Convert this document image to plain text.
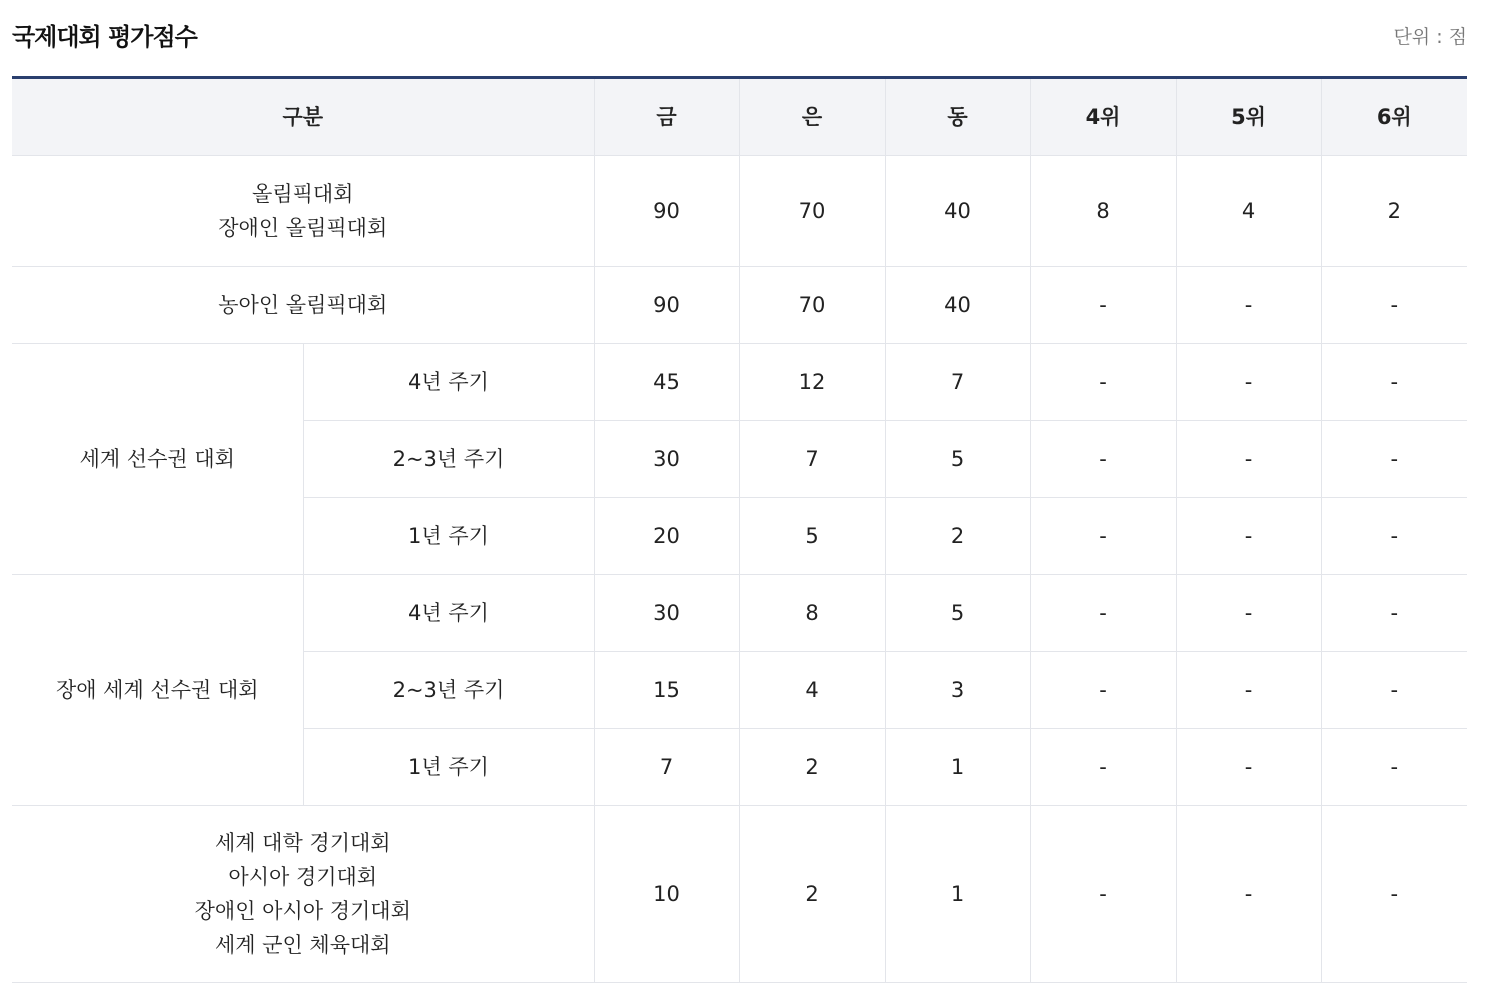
국제대회 평가점수	단위 : 점
구분		금	은	동	4위	5위	6위

올림픽대회
장애인 올림픽대회		90	70	40	8	4	2
농아인 올림픽대회		90	70	40	-	-	-
세계 선수권 대회	4년 주기	45	12	7	-	-	-
	2~3년 주기	30	7	5	-	-	-
	1년 주기	20	5	2	-	-	-
장애 세계 선수권 대회	4년 주기	30	8	5	-	-	-
	2~3년 주기	15	4	3	-	-	-
	1년 주기	7	2	1	-	-	-

세계 대학 경기대회
아시아 경기대회
장애인 아시아 경기대회
세계 군인 체육대회		10	2	1	-	-	-
